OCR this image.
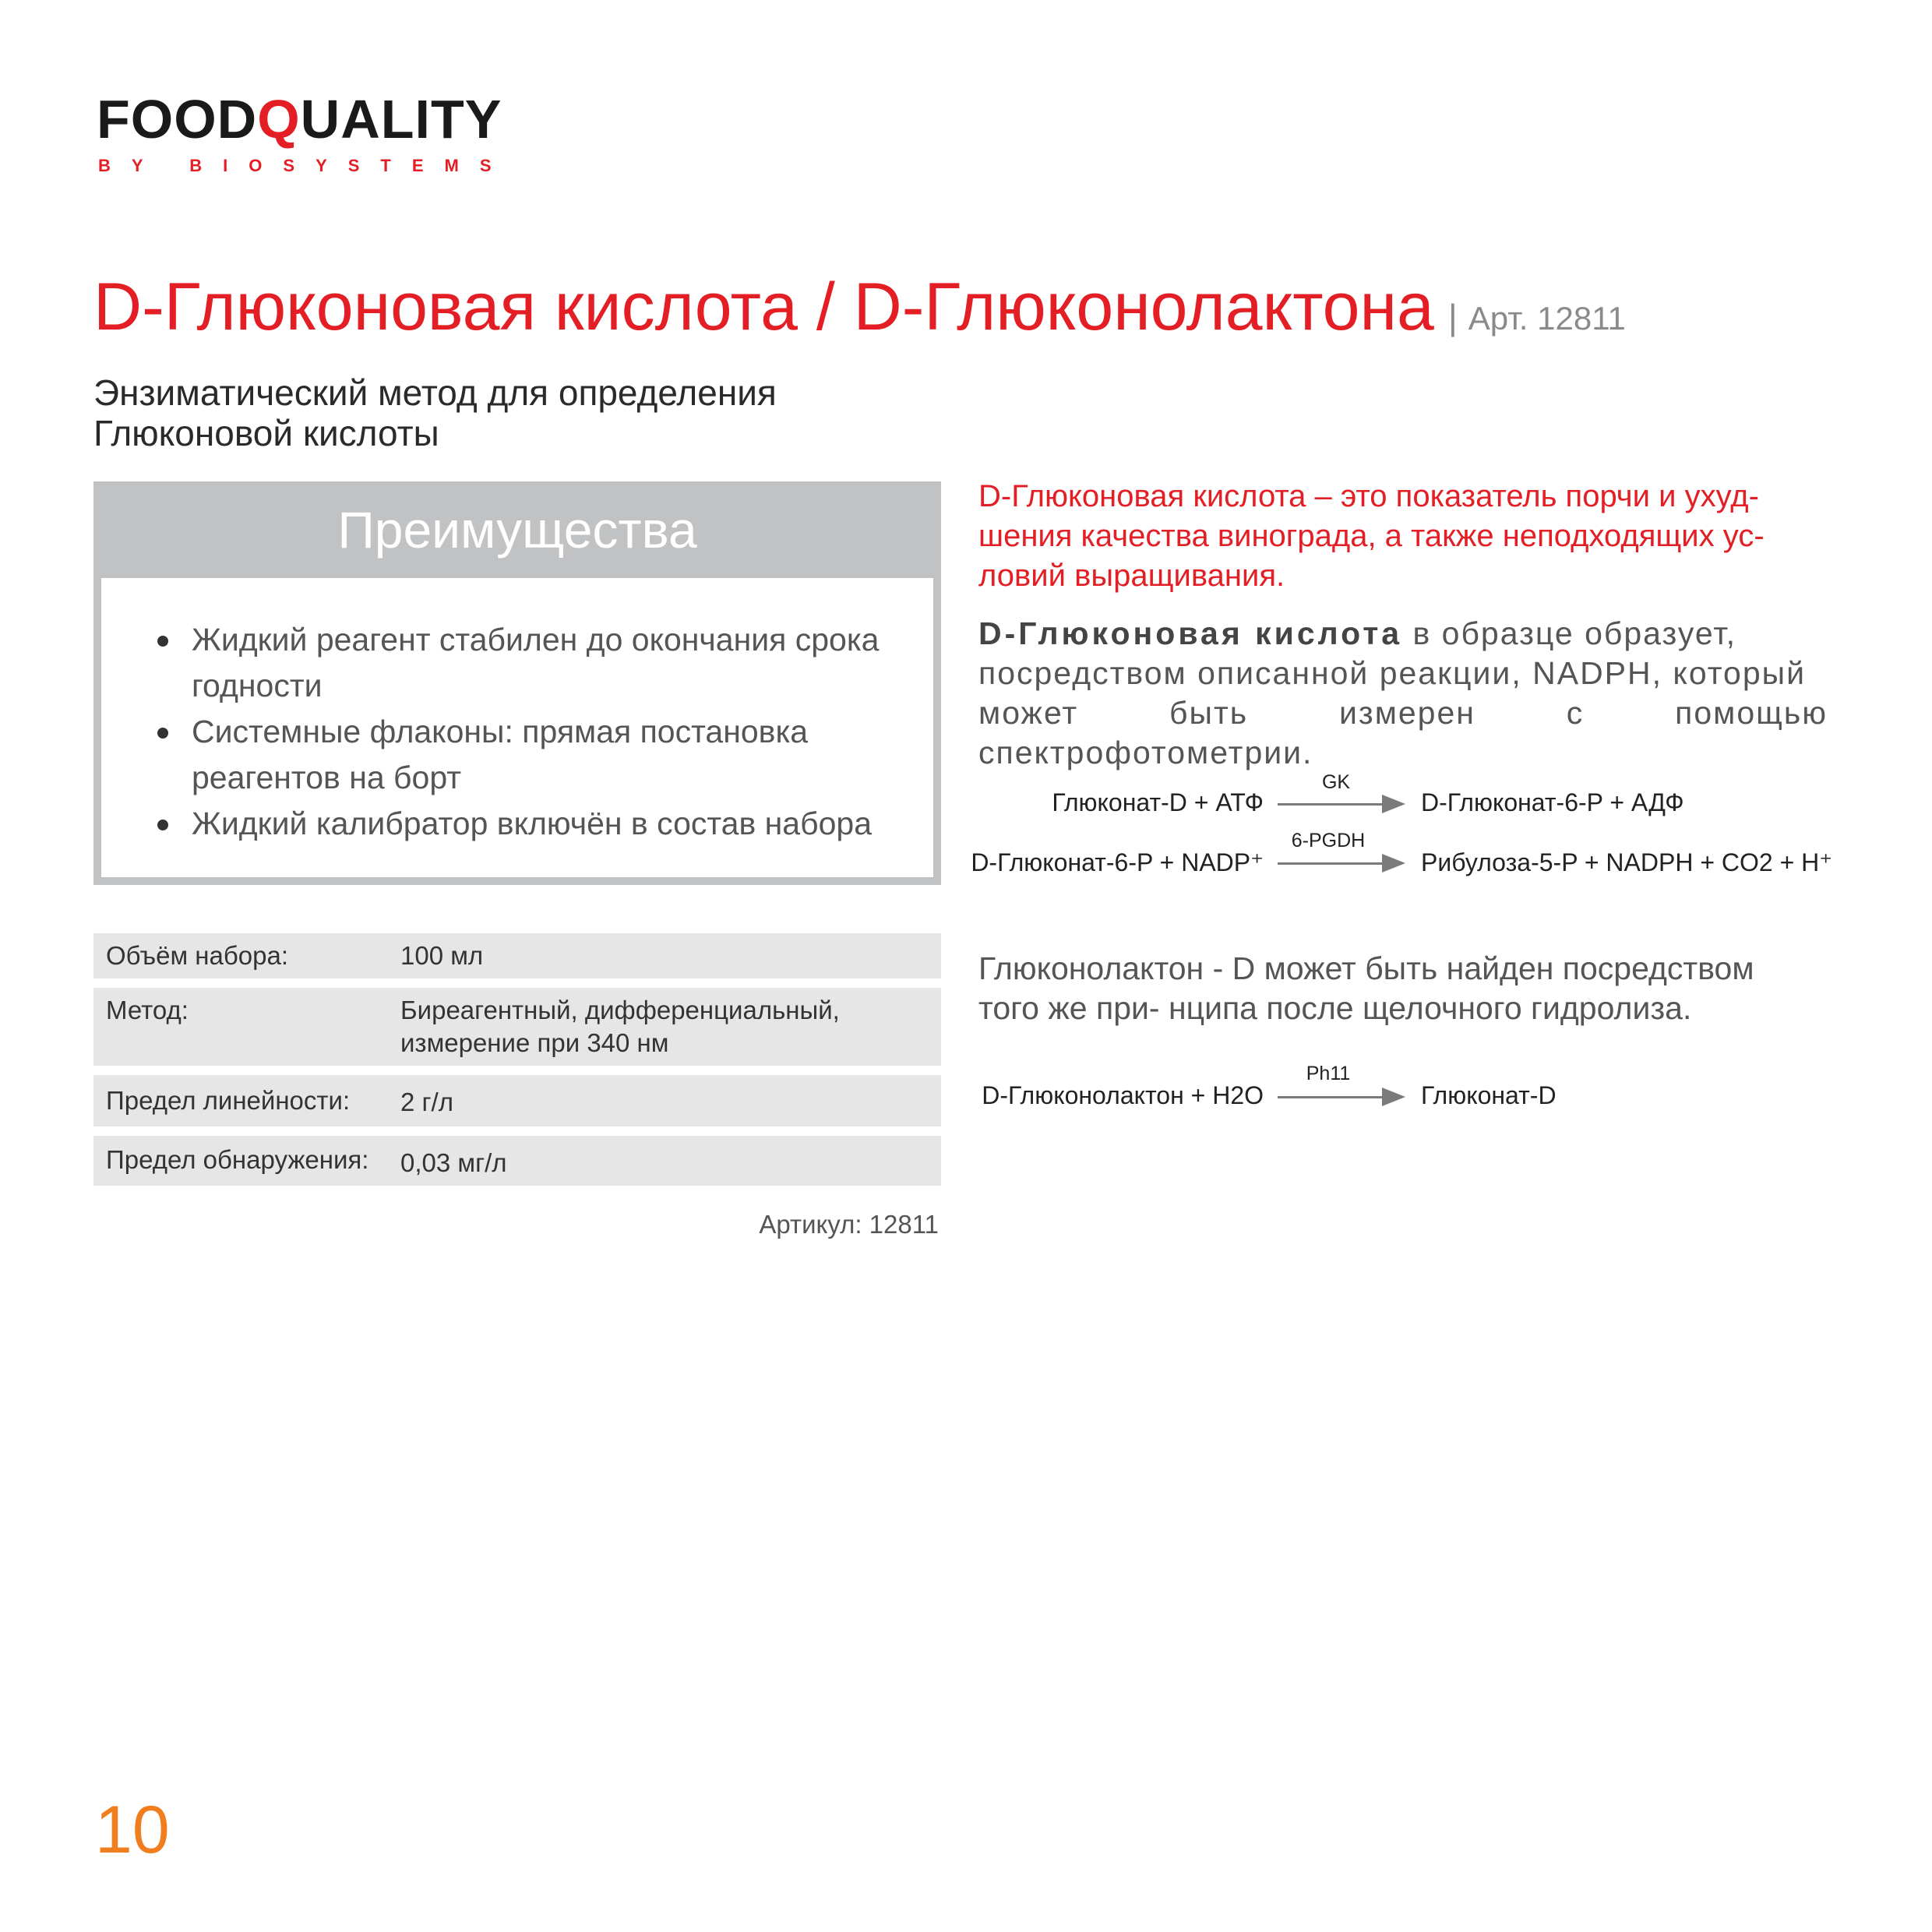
FOODQUALITY
BY BIOSYSTEMS
D-Глюконовая кислота / D-Глюконолактона | Арт. 12811
Энзиматический метод для определения
Глюконовой кислоты
Преимущества
Жидкий реагент стабилен до окончания срока
годности
Системные флаконы: прямая постановка
реагентов на борт
Жидкий калибратор включён в состав набора
Объём набора:	100 мл
Метод:	Биреагентный, дифференциальный,
измерение при 340 нм
Предел линейности: 2 г/л
Предел обнаружения: 0,03 мг/л
Артикул: 12811
D-Глюконовая кислота – это показатель порчи и ухуд-
шения качества винограда, а также неподходящих ус-
ловий выращивания.
D-Глюконовая кислота в образце образует,
посредством описанной реакции, NADPH, который
может быть измерен с помощью спектрофотометрии.
Глюконат-D + АТФ
GK
D-Глюконат-6-P + АДФ
D-Глюконат-6-P + NADP⁺
6-PGDH
Рибулоза-5-P + NADPH + CO2 + H⁺
Глюконолактон - D может быть найден посредством
того же при- нципа после щелочного гидролиза.
D-Глюконолактон + H2O
Ph11
Глюконат-D
10
